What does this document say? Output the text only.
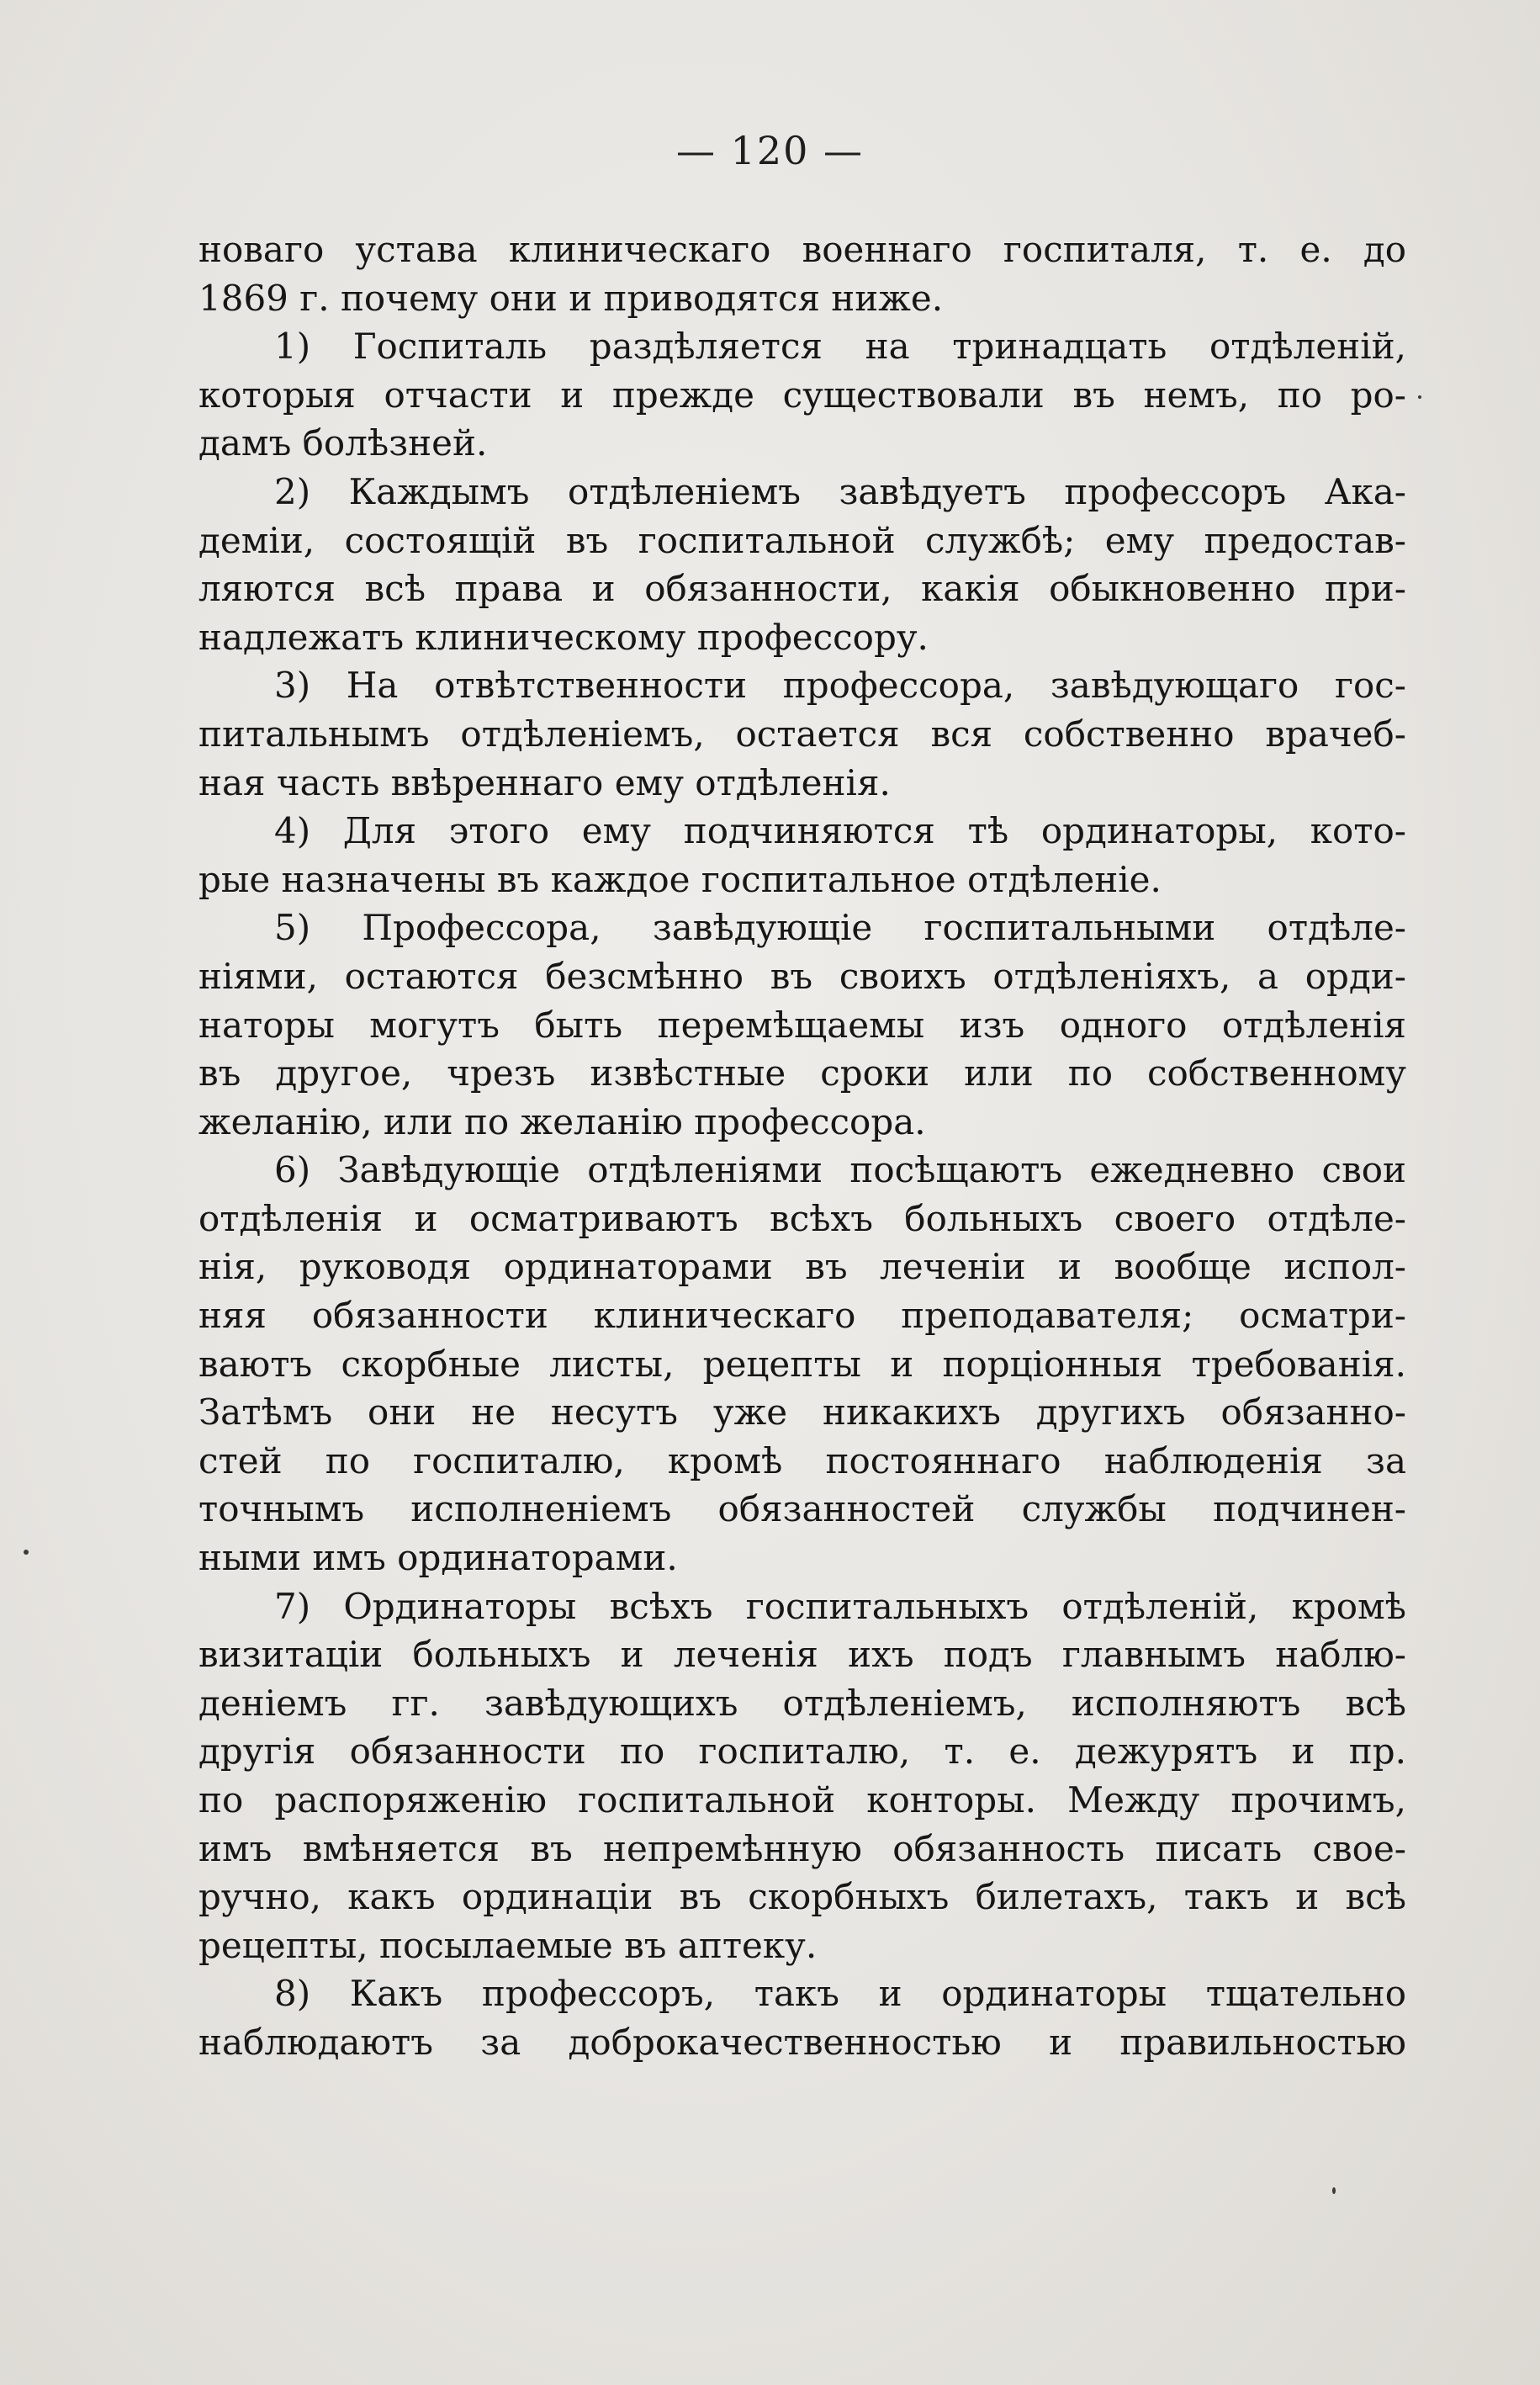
— 120 —
новаго устава клиническаго военнаго госпиталя, т. е. до
1869 г. почему они и приводятся ниже.
1) Госпиталь раздѣляется на тринадцать отдѣленій,
которыя отчасти и прежде существовали въ немъ, по ро-
дамъ болѣзней.
2) Каждымъ отдѣленіемъ завѣдуетъ профессоръ Ака-
деміи, состоящій въ госпитальной службѣ; ему предостав-
ляются всѣ права и обязанности, какія обыкновенно при-
надлежатъ клиническому профессору.
3) На отвѣтственности профессора, завѣдующаго гос-
питальнымъ отдѣленіемъ, остается вся собственно врачеб-
ная часть ввѣреннаго ему отдѣленія.
4) Для этого ему подчиняются тѣ ординаторы, кото-
рые назначены въ каждое госпитальное отдѣленіе.
5) Профессора, завѣдующіе госпитальными отдѣле-
ніями, остаются безсмѣнно въ своихъ отдѣленіяхъ, а орди-
наторы могутъ быть перемѣщаемы изъ одного отдѣленія
въ другое, чрезъ извѣстные сроки или по собственному
желанію, или по желанію профессора.
6) Завѣдующіе отдѣленіями посѣщаютъ ежедневно свои
отдѣленія и осматриваютъ всѣхъ больныхъ своего отдѣле-
нія, руководя ординаторами въ леченіи и вообще испол-
няя обязанности клиническаго преподавателя; осматри-
ваютъ скорбные листы, рецепты и порціонныя требованія.
Затѣмъ они не несутъ уже никакихъ другихъ обязанно-
стей по госпиталю, кромѣ постояннаго наблюденія за
точнымъ исполненіемъ обязанностей службы подчинен-
ными имъ ординаторами.
7) Ординаторы всѣхъ госпитальныхъ отдѣленій, кромѣ
визитаціи больныхъ и леченія ихъ подъ главнымъ наблю-
деніемъ гг. завѣдующихъ отдѣленіемъ, исполняютъ всѣ
другія обязанности по госпиталю, т. е. дежурятъ и пр.
по распоряженію госпитальной конторы. Между прочимъ,
имъ вмѣняется въ непремѣнную обязанность писать свое-
ручно, какъ ординаціи въ скорбныхъ билетахъ, такъ и всѣ
рецепты, посылаемые въ аптеку.
8) Какъ профессоръ, такъ и ординаторы тщательно
наблюдаютъ за доброкачественностью и правильностью
